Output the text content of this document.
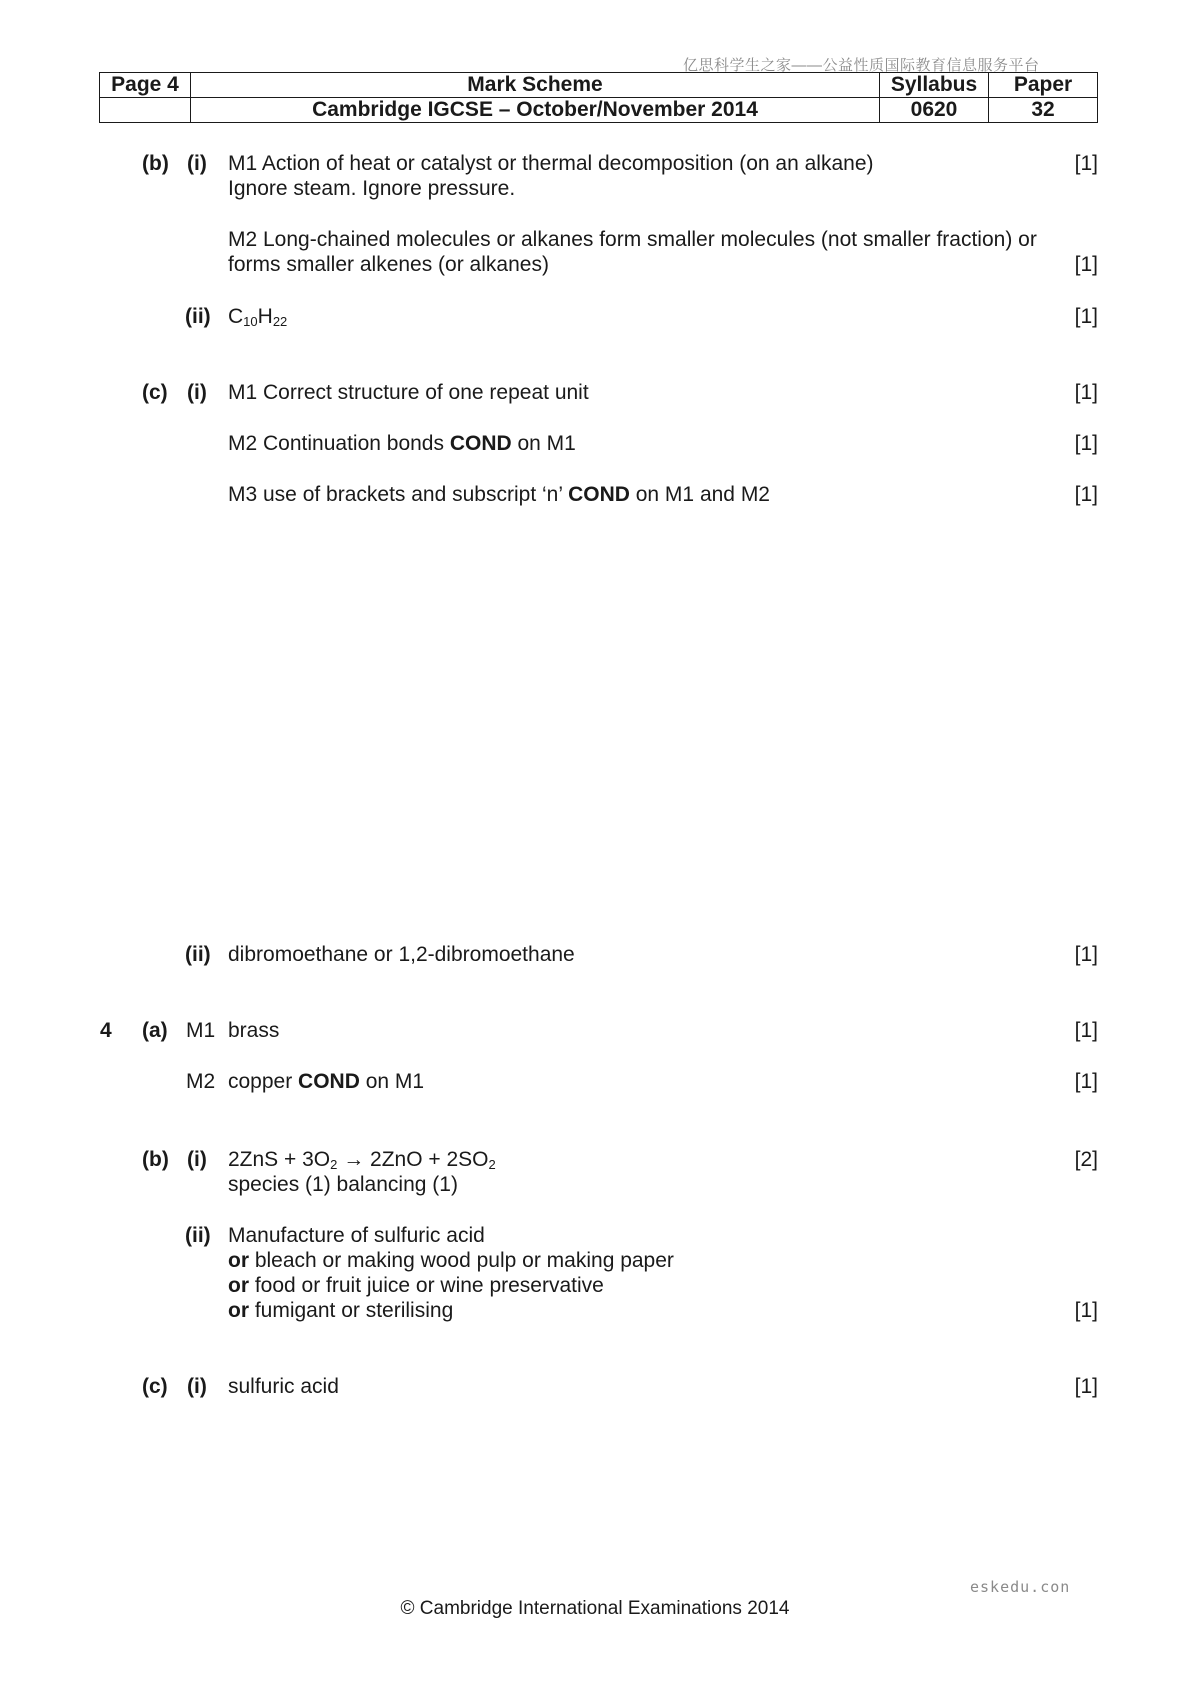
亿思科学生之家——公益性质国际教育信息服务平台
Page 4	Mark Scheme	Syllabus	Paper
	Cambridge IGCSE – October/November 2014	0620	32
(b) (i) M1 Action of heat or catalyst or thermal decomposition (on an alkane)	[1]
Ignore steam. Ignore pressure.
M2 Long-chained molecules or alkanes form smaller molecules (not smaller fraction) or
forms smaller alkenes (or alkanes)	[1]
(ii) $C_{10}H_{22}$	[1]
(c) (i) M1 Correct structure of one repeat unit	[1]
M2 Continuation bonds COND on M1	[1]
M3 use of brackets and subscript ‘n’ COND on M1 and M2	[1]
(ii) dibromoethane or 1,2-dibromoethane	[1]
4 (a) M1 brass	[1]
M2 copper COND on M1	[1]
(b) (i) $2ZnS + 3O_2 \to 2ZnO + 2SO_2$	[2]
species (1) balancing (1)
(ii) Manufacture of sulfuric acid
or bleach or making wood pulp or making paper
or food or fruit juice or wine preservative
or fumigant or sterilising	[1]
(c) (i) sulfuric acid	[1]
eskedu.con
© Cambridge International Examinations 2014
